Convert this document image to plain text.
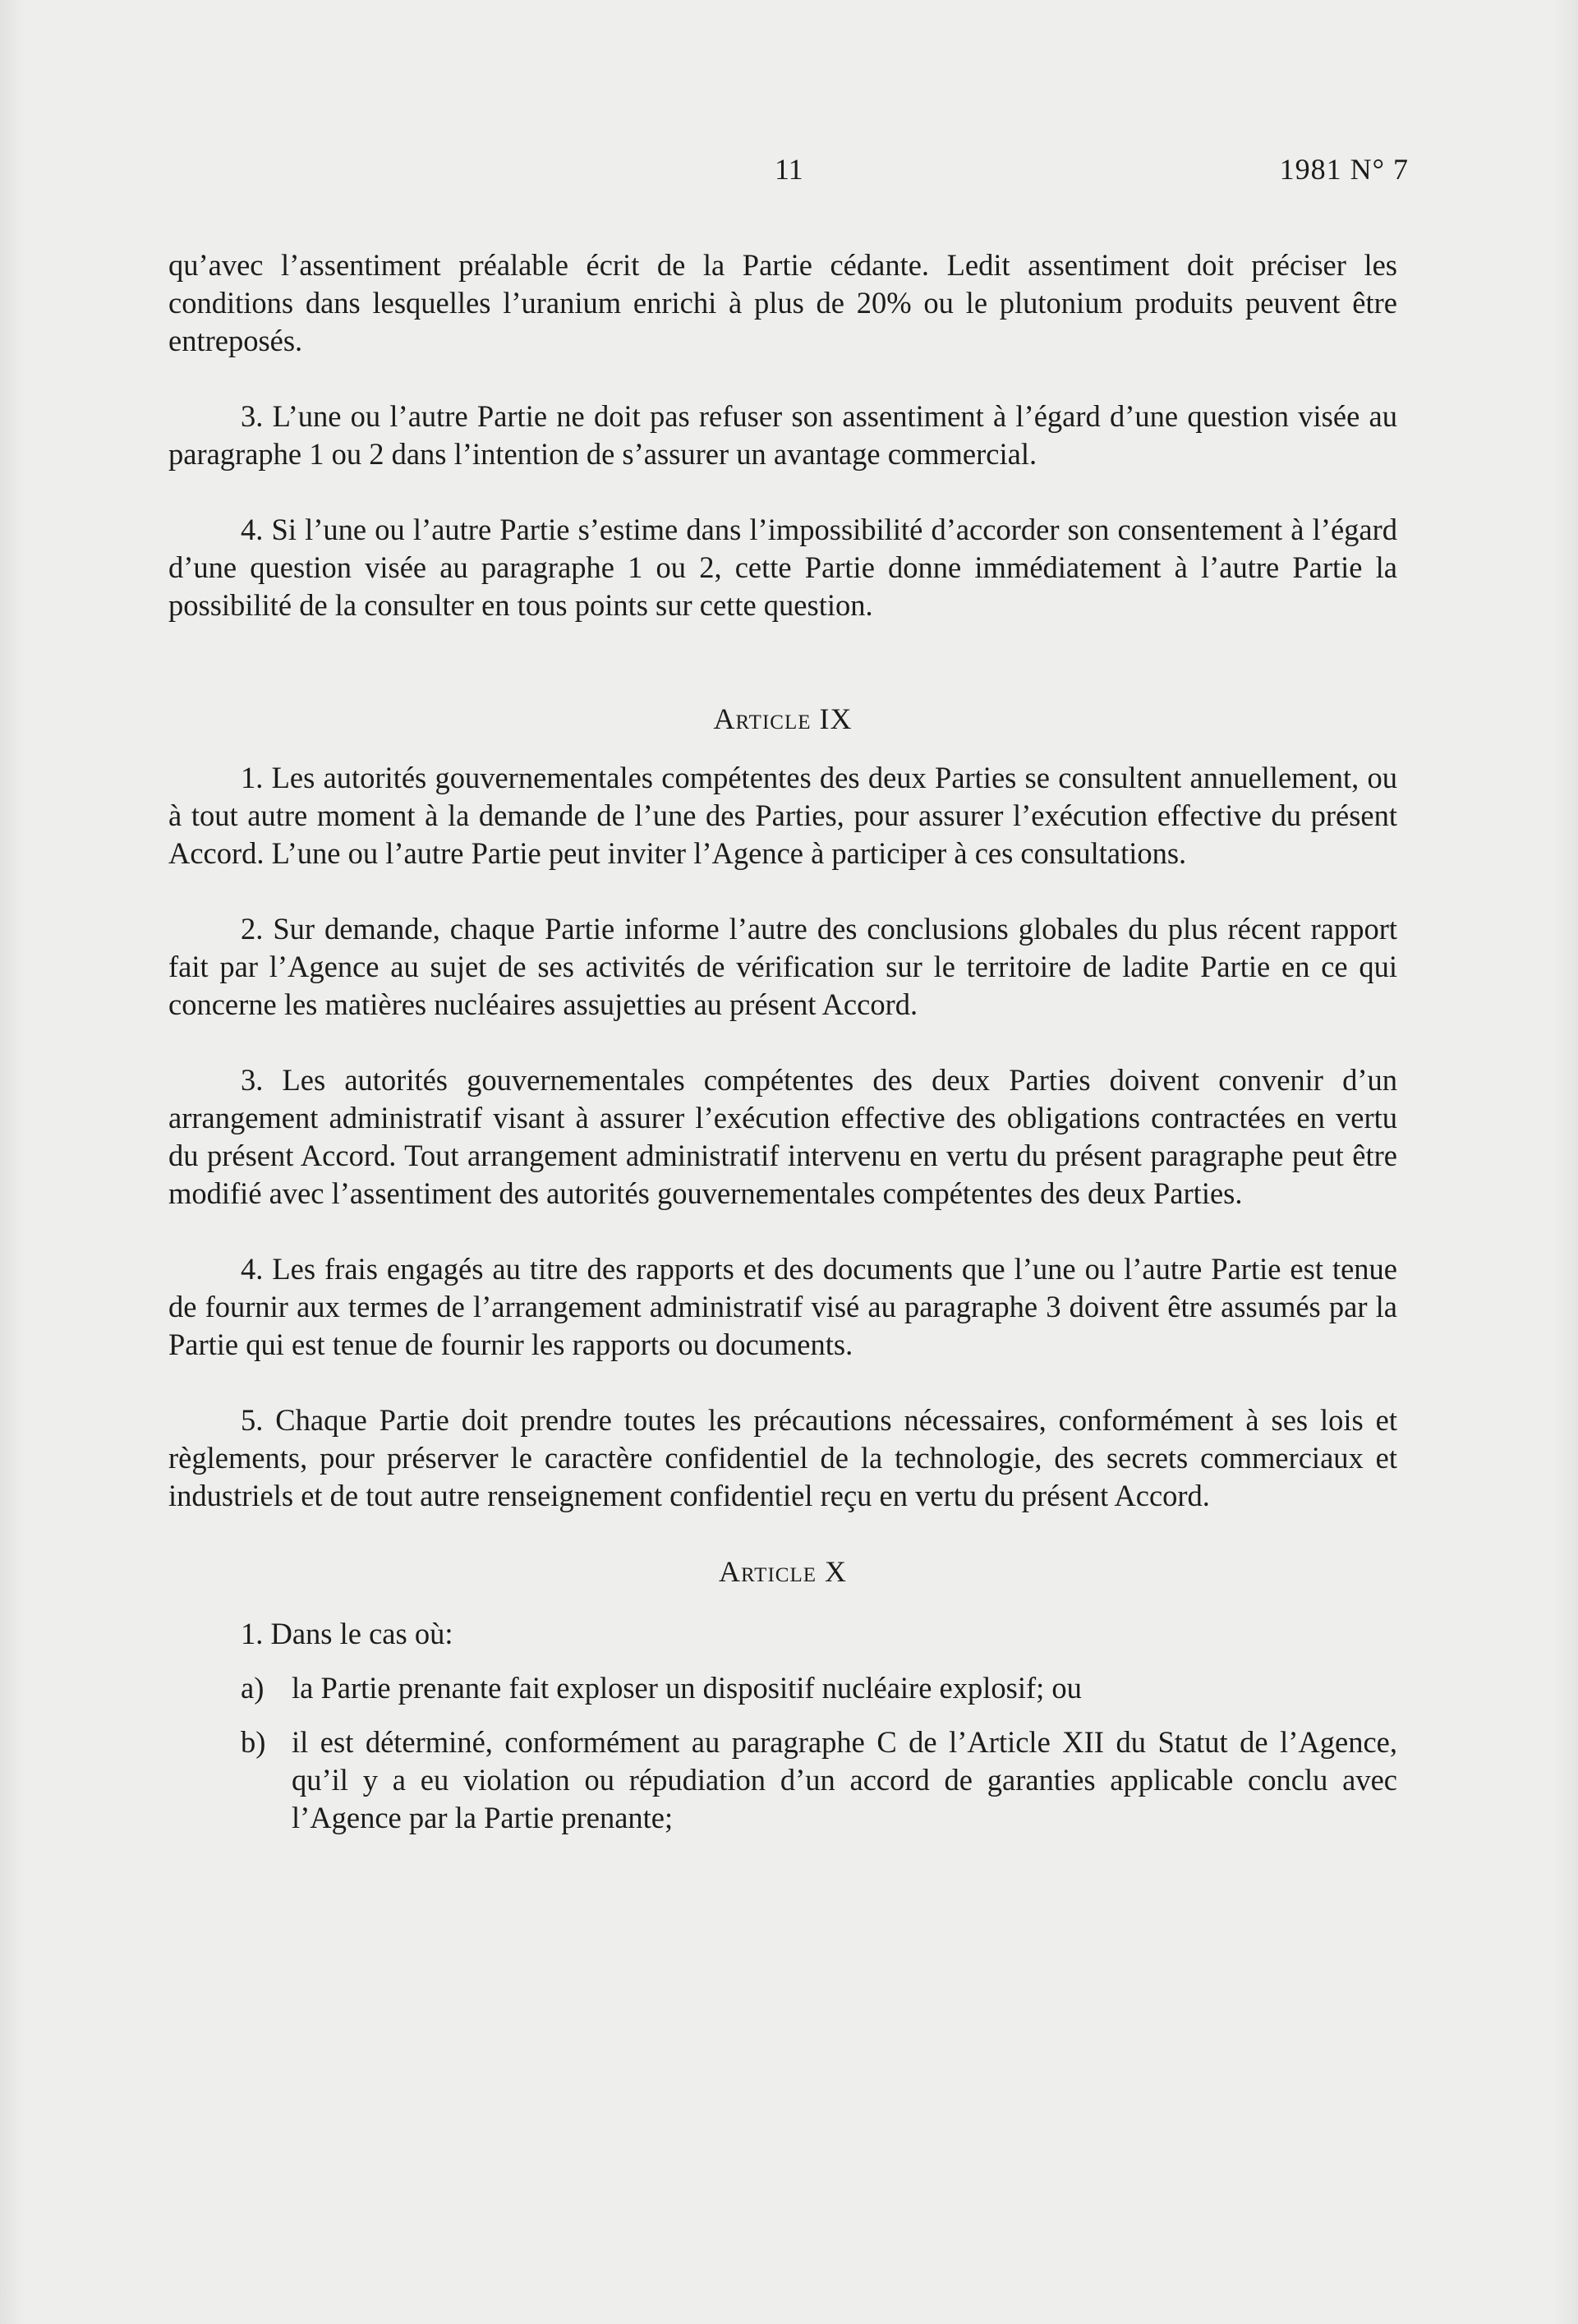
11	1981 N° 7

qu’avec l’assentiment préalable écrit de la Partie cédante. Ledit assentiment doit préciser les conditions dans lesquelles l’uranium enrichi à plus de 20% ou le plutonium produits peuvent être entreposés.

3. L’une ou l’autre Partie ne doit pas refuser son assentiment à l’égard d’une question visée au paragraphe 1 ou 2 dans l’intention de s’assurer un avantage commercial.

4. Si l’une ou l’autre Partie s’estime dans l’impossibilité d’accorder son consentement à l’égard d’une question visée au paragraphe 1 ou 2, cette Partie donne immédiatement à l’autre Partie la possibilité de la consulter en tous points sur cette question.

Article IX

1. Les autorités gouvernementales compétentes des deux Parties se consultent annuellement, ou à tout autre moment à la demande de l’une des Parties, pour assurer l’exécution effective du présent Accord. L’une ou l’autre Partie peut inviter l’Agence à participer à ces consultations.

2. Sur demande, chaque Partie informe l’autre des conclusions globales du plus récent rapport fait par l’Agence au sujet de ses activités de vérification sur le territoire de ladite Partie en ce qui concerne les matières nucléaires assujetties au présent Accord.

3. Les autorités gouvernementales compétentes des deux Parties doivent convenir d’un arrangement administratif visant à assurer l’exécution effective des obligations contractées en vertu du présent Accord. Tout arrangement administratif intervenu en vertu du présent paragraphe peut être modifié avec l’assentiment des autorités gouvernementales compétentes des deux Parties.

4. Les frais engagés au titre des rapports et des documents que l’une ou l’autre Partie est tenue de fournir aux termes de l’arrangement administratif visé au paragraphe 3 doivent être assumés par la Partie qui est tenue de fournir les rapports ou documents.

5. Chaque Partie doit prendre toutes les précautions nécessaires, conformément à ses lois et règlements, pour préserver le caractère confidentiel de la technologie, des secrets commerciaux et industriels et de tout autre renseignement confidentiel reçu en vertu du présent Accord.

Article X

1. Dans le cas où:

a) la Partie prenante fait exploser un dispositif nucléaire explosif; ou

b) il est déterminé, conformément au paragraphe C de l’Article XII du Statut de l’Agence, qu’il y a eu violation ou répudiation d’un accord de garanties applicable conclu avec l’Agence par la Partie prenante;
